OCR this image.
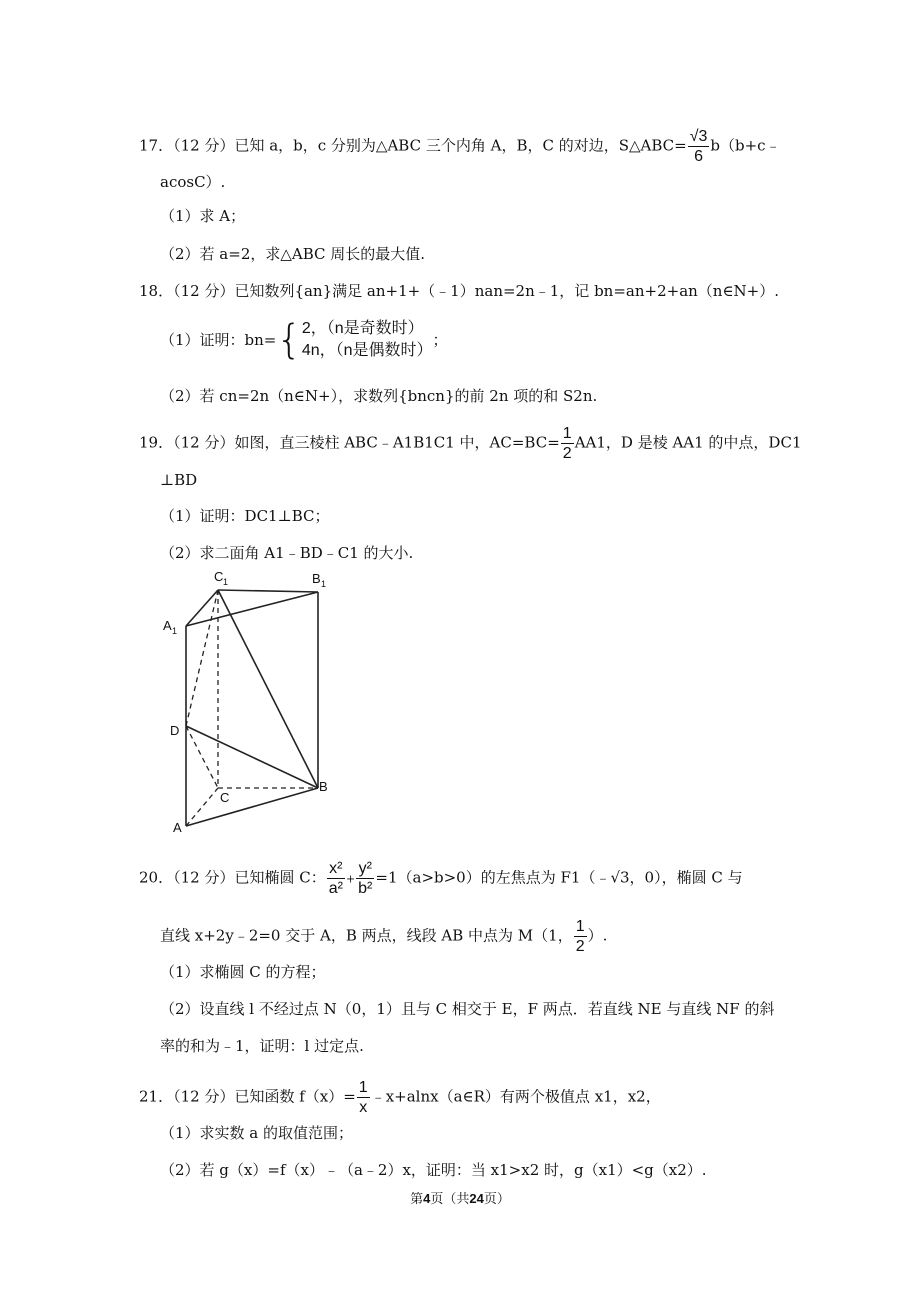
17．（12 分）已知 a，b，c 分别为△ABC 三个内角 A，B，C 的对边，S△ABC= $\frac{√3}{6}$ b（b+c﹣
acosC）.
（1）求 A；
（2）若 a=2，求△ABC 周长的最大值.
18．（12 分）已知数列{an}满足 an+1+（﹣1）nan=2n﹣1，记 bn=an+2+an（n∈N+）.
（1）证明：bn={ 2，（n是奇数时）
4n，（n是偶数时）
；
（2）若 cn=2n（n∈N+），求数列{bncn}的前 2n 项的和 S2n.
19．（12 分）如图，直三棱柱 ABC﹣A1B1C1 中，$AC=BC= \frac{1}{2} AA1$，D 是棱 AA1 的中点，DC1
⊥BD
（1）证明：DC1⊥BC；
（2）求二面角 A1﹣BD﹣C1 的大小.
C 1	B 1
A 1
D
C
B
A
20．（12 分）已知椭圆 C： $\frac{\text{x²}}{\text{a²}} + \frac{\text{y²}}{\text{b²}} =1(a>b>0)$的左焦点为 F1（﹣√3，0），椭圆 C 与
直线 x+2y﹣2=0 交于 A，B 两点，线段 AB 中点为 M（1， $\frac{1}{2}$ ）.
（1）求椭圆 C 的方程；
（2）设直线 l 不经过点 N（0，1）且与 C 相交于 E，F 两点．若直线 NE 与直线 NF 的斜
率的和为﹣1，证明：l 过定点.
21．（12 分）已知函数 $f(x)= \frac{1}{x}$ ﹣x+alnx（a∈R）有两个极值点 x1，x2，
（1）求实数 a 的取值范围；
（2）若 g（x）=f（x）﹣（a﹣2）x，证明：当 x1>x2 时，g（x1）<g（x2）.
第4页（共24页）
